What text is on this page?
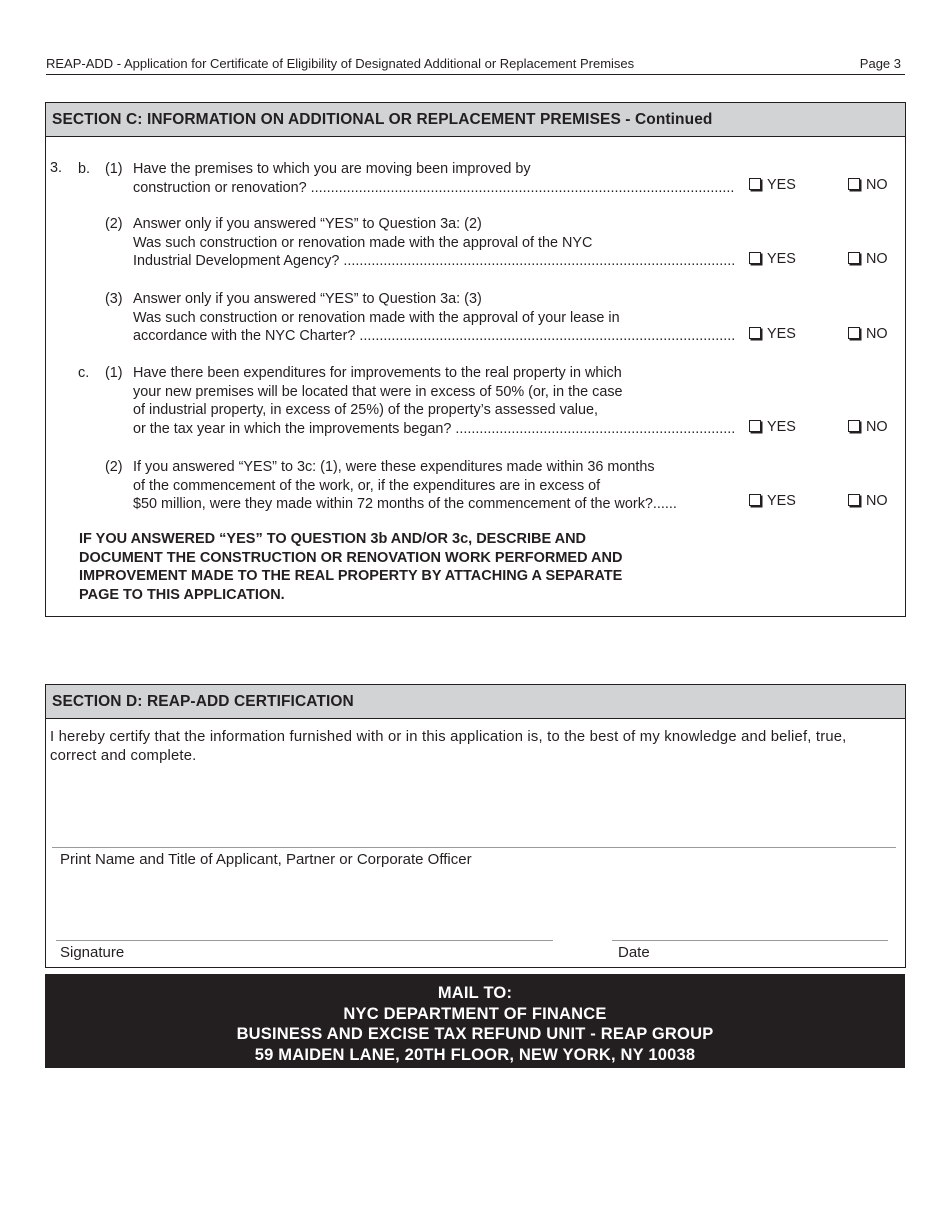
REAP-ADD - Application for Certificate of Eligibility of Designated Additional or Replacement Premises	Page 3
SECTION C: INFORMATION ON ADDITIONAL OR REPLACEMENT PREMISES - Continued
3. b. (1) Have the premises to which you are moving been improved by
construction or renovation? .....	YES	NO
(2) Answer only if you answered “YES” to Question 3a: (2)
Was such construction or renovation made with the approval of the NYC
Industrial Development Agency? .....	YES	NO
(3) Answer only if you answered “YES” to Question 3a: (3)
Was such construction or renovation made with the approval of your lease in
accordance with the NYC Charter? .....	YES	NO
c. (1) Have there been expenditures for improvements to the real property in which
your new premises will be located that were in excess of 50% (or, in the case
of industrial property, in excess of 25%) of the property’s assessed value,
or the tax year in which the improvements began? .....	YES	NO
(2) If you answered “YES” to 3c: (1), were these expenditures made within 36 months
of the commencement of the work, or, if the expenditures are in excess of
$50 million, were they made within 72 months of the commencement of the work?......	YES	NO
IF YOU ANSWERED “YES” TO QUESTION 3b AND/OR 3c, DESCRIBE AND
DOCUMENT THE CONSTRUCTION OR RENOVATION WORK PERFORMED AND
IMPROVEMENT MADE TO THE REAL PROPERTY BY ATTACHING A SEPARATE
PAGE TO THIS APPLICATION.
SECTION D: REAP-ADD CERTIFICATION
I hereby certify that the information furnished with or in this application is, to the best of my knowledge and belief, true, correct and complete.
Print Name and Title of Applicant, Partner or Corporate Officer
Signature	Date
MAIL TO:
NYC DEPARTMENT OF FINANCE
BUSINESS AND EXCISE TAX REFUND UNIT - REAP GROUP
59 MAIDEN LANE, 20TH FLOOR, NEW YORK, NY 10038
